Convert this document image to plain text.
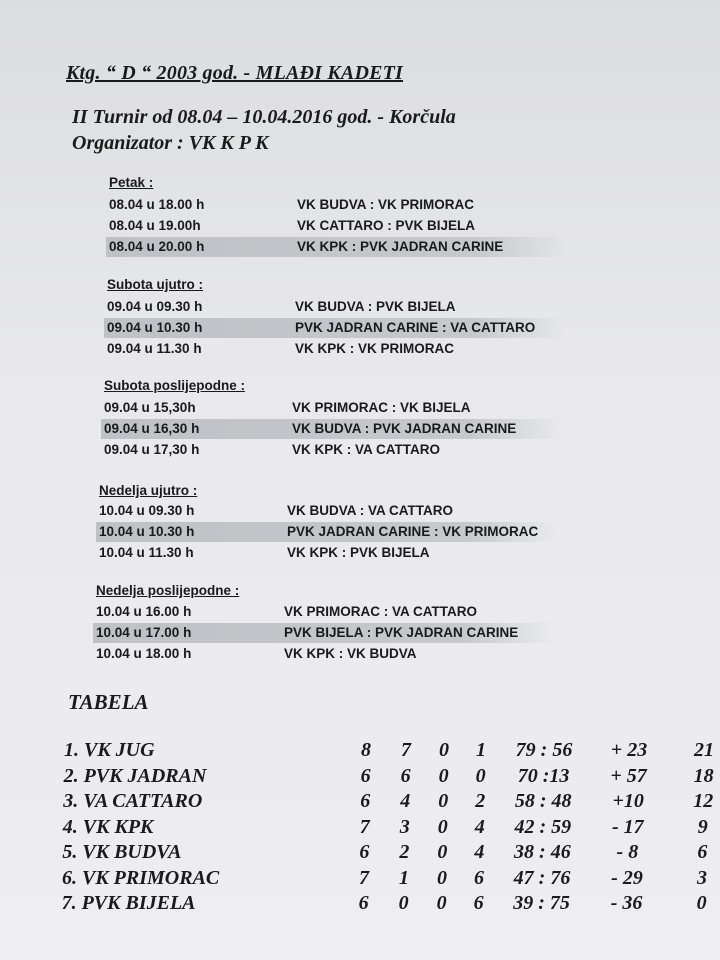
Ktg. “ D “ 2003 god. - MLAĐI KADETI
II Turnir od 08.04 – 10.04.2016 god. - Korčula
Organizator : VK K P K
Petak :
08.04 u 18.00 h	VK BUDVA : VK PRIMORAC
08.04 u 19.00h	VK CATTARO : PVK BIJELA
08.04 u 20.00 h	VK KPK : PVK JADRAN CARINE
Subota ujutro :
09.04 u 09.30 h	VK BUDVA : PVK BIJELA
09.04 u 10.30 h	PVK JADRAN CARINE : VA CATTARO
09.04 u 11.30 h	VK KPK : VK PRIMORAC
Subota poslijepodne :
09.04 u 15,30h	VK PRIMORAC : VK BIJELA
09.04 u 16,30 h	VK BUDVA : PVK JADRAN CARINE
09.04 u 17,30 h	VK KPK : VA CATTARO
Nedelja ujutro :
10.04 u 09.30 h	VK BUDVA : VA CATTARO
10.04 u 10.30 h	PVK JADRAN CARINE : VK PRIMORAC
10.04 u 11.30 h	VK KPK : PVK BIJELA
Nedelja poslijepodne :
10.04 u 16.00 h	VK PRIMORAC : VA CATTARO
10.04 u 17.00 h	PVK BIJELA : PVK JADRAN CARINE
10.04 u 18.00 h	VK KPK : VK BUDVA
TABELA
1. VK JUG	8	7	0	1	79 : 56	+ 23	21
2. PVK JADRAN	6	6	0	0	70 :13	+ 57	18
3. VA CATTARO	6	4	0	2	58 : 48	+10	12
4. VK KPK	7	3	0	4	42 : 59	- 17	9
5. VK BUDVA	6	2	0	4	38 : 46	- 8	6
6. VK PRIMORAC	7	1	0	6	47 : 76	- 29	3
7. PVK BIJELA	6	0	0	6	39 : 75	- 36	0
